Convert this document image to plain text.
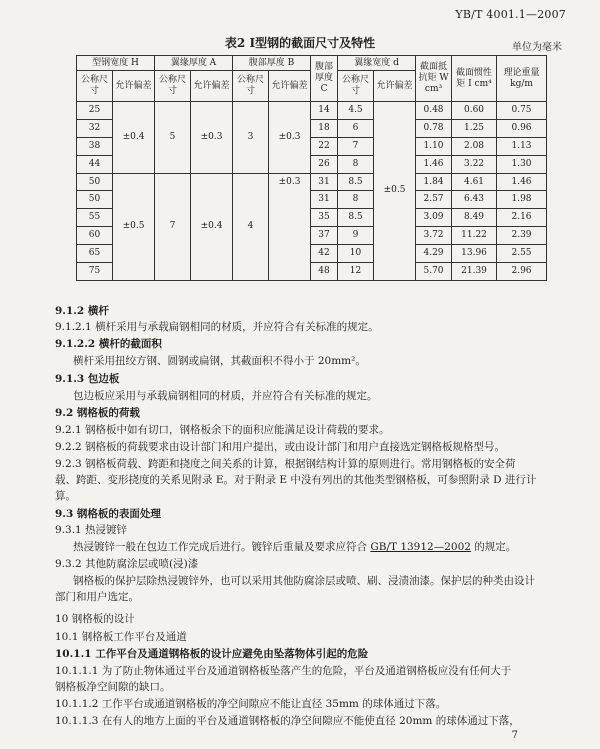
YB/T 4001.1—2007
表2 I型钢的截面尺寸及特性	单位为毫米
型钢宽度 H		翼缘厚度 A		腹部厚度 B		腹部厚度 C	翼缘宽度 d		截面抵抗矩 W cm³	截面惯性矩 I cm⁴	理论重量 kg/m
公称尺寸	允许偏差	公称尺寸	允许偏差	公称尺寸	允许偏差		公称尺寸	允许偏差			
25	±0.4	5	±0.3	3	±0.3	14	4.5	±0.5	0.48	0.60	0.75
32						18	6		0.78	1.25	0.96
38						22	7		1.10	2.08	1.13
44						26	8		1.46	3.22	1.30
50	±0.5	7	±0.4	4	±0.3	31	8.5		1.84	4.61	1.46
50						31	8		2.57	6.43	1.98
55						35	8.5		3.09	8.49	2.16
60						37	9		3.72	11.22	2.39
65						42	10		4.29	13.96	2.55
75						48	12		5.70	21.39	2.96
9.1.2 横杆
9.1.2.1 横杆采用与承载扁钢相同的材质，并应符合有关标准的规定。
9.1.2.2 横杆的截面积
横杆采用扭绞方钢、圆钢或扁钢，其截面积不得小于 20mm²。
9.1.3 包边板
包边板应采用与承载扁钢相同的材质，并应符合有关标准的规定。
9.2 钢格板的荷载
9.2.1 钢格板中如有切口，钢格板余下的面积应能满足设计荷载的要求。
9.2.2 钢格板的荷载要求由设计部门和用户提出，或由设计部门和用户直接选定钢格板规格型号。
9.2.3 钢格板荷载、跨距和挠度之间关系的计算，根据钢结构计算的原则进行。常用钢格板的安全荷
载、跨距、变形挠度的关系见附录 E。对于附录 E 中没有列出的其他类型钢格板，可参照附录 D 进行计
算。
9.3 钢格板的表面处理
9.3.1 热浸镀锌
热浸镀锌一般在包边工作完成后进行。镀锌后重量及要求应符合 GB/T 13912—2002 的规定。
9.3.2 其他防腐涂层或喷(浸)漆
钢格板的保护层除热浸镀锌外，也可以采用其他防腐涂层或喷、刷、浸渍油漆。保护层的种类由设计
部门和用户选定。
10 钢格板的设计
10.1 钢格板工作平台及通道
10.1.1 工作平台及通道钢格板的设计应避免由坠落物体引起的危险
10.1.1.1 为了防止物体通过平台及通道钢格板坠落产生的危险，平台及通道钢格板应没有任何大于
钢格板净空间隙的缺口。
10.1.1.2 工作平台或通道钢格板的净空间隙应不能让直径 35mm 的球体通过下落。
10.1.1.3 在有人的地方上面的平台及通道钢格板的净空间隙应不能使直径 20mm 的球体通过下落，
7
